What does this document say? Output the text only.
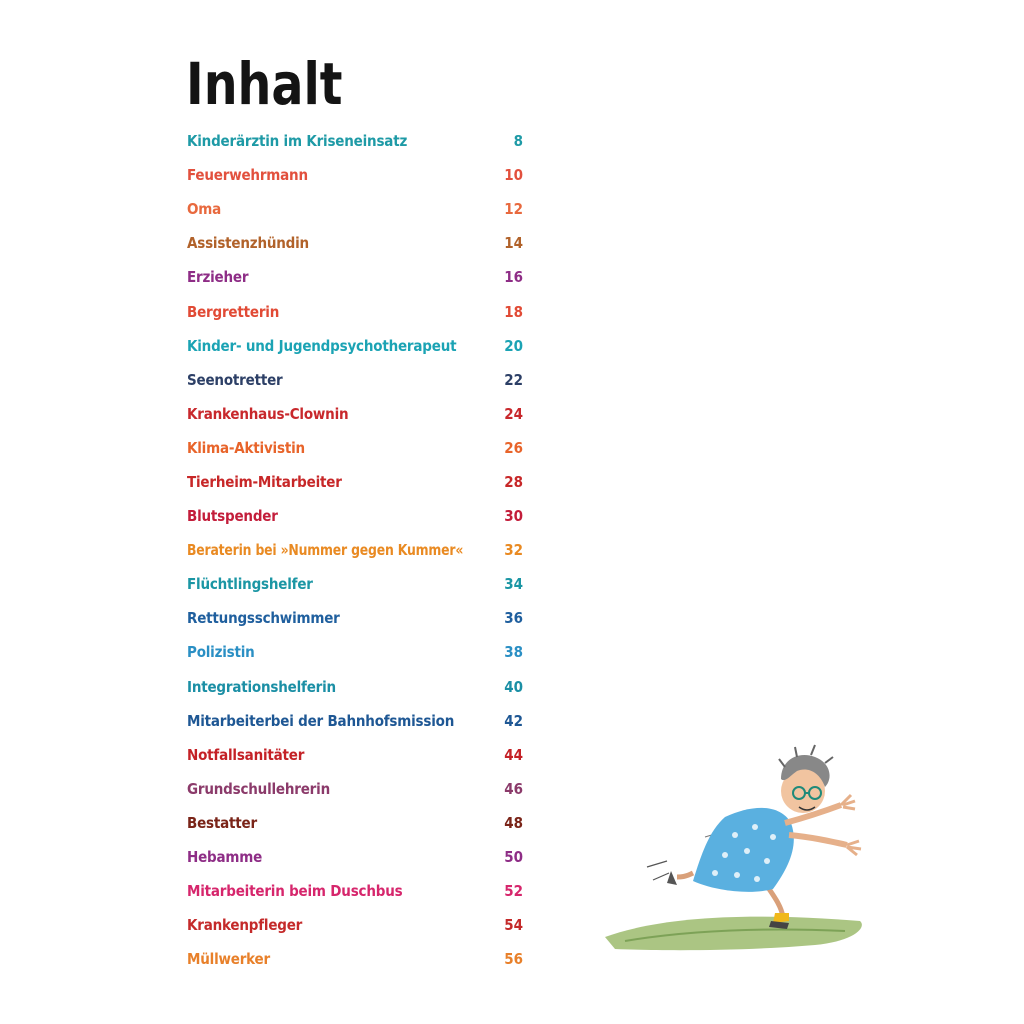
Inhalt
Kinderärztin im Kriseneinsatz	8
Feuerwehrmann	10
Oma	12
Assistenzhündin	14
Erzieher	16
Bergretterin	18
Kinder- und Jugendpsychotherapeut	20
Seenotretter	22
Krankenhaus-Clownin	24
Klima-Aktivistin	26
Tierheim-Mitarbeiter	28
Blutspender	30
Beraterin bei »Nummer gegen Kummer«	32
Flüchtlingshelfer	34
Rettungsschwimmer	36
Polizistin	38
Integrationshelferin	40
Mitarbeiterbei der Bahnhofsmission	42
Notfallsanitäter	44
Grundschullehrerin	46
Bestatter	48
Hebamme	50
Mitarbeiterin beim Duschbus	52
Krankenpfleger	54
Müllwerker	56
